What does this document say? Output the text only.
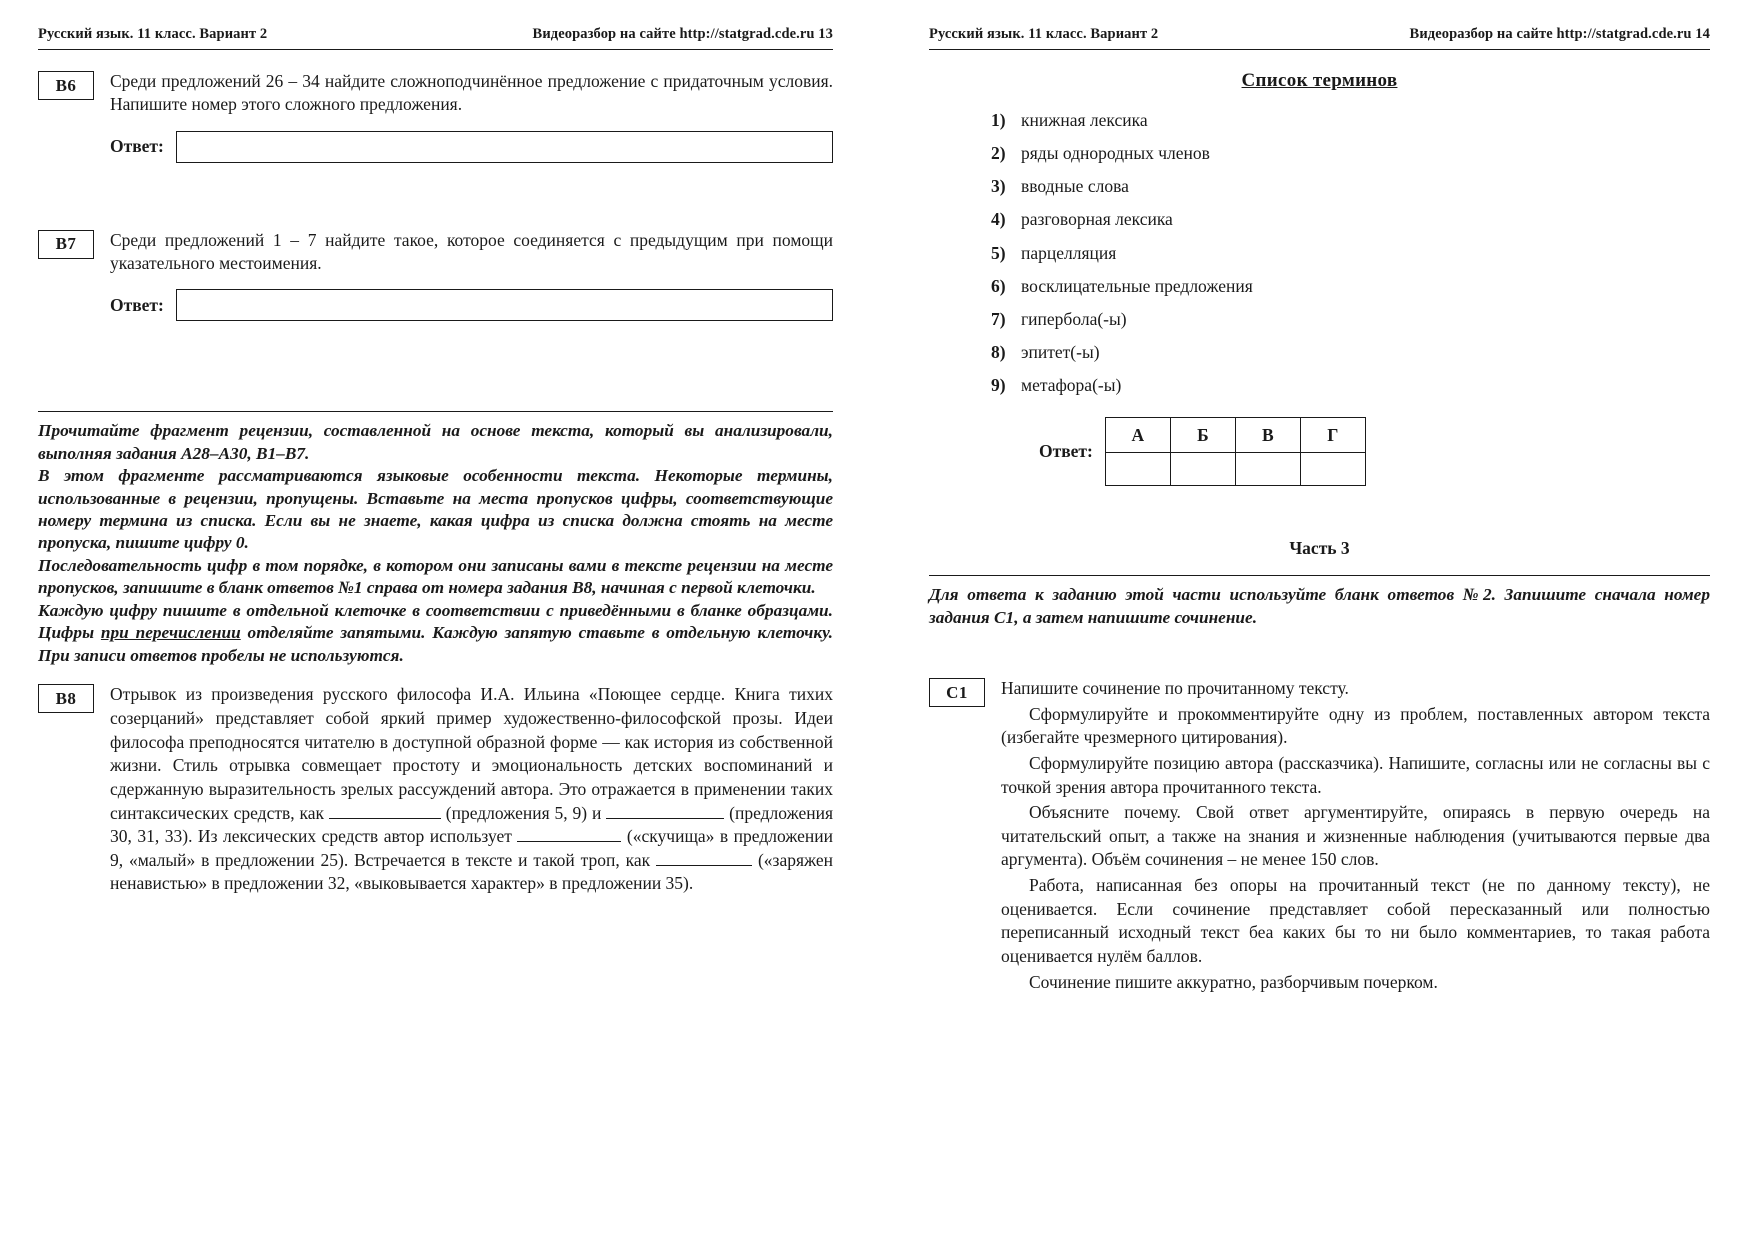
Русский язык. 11 класс. Вариант 2	Видеоразбор на сайте http://statgrad.cde.ru 13
B6	Среди предложений 26 – 34 найдите сложноподчинённое предложение с придаточным условия. Напишите номер этого сложного предложения.
Ответ:
B7	Среди предложений 1 – 7 найдите такое, которое соединяется с предыдущим при помощи указательного местоимения.
Ответ:

Прочитайте фрагмент рецензии, составленной на основе текста, который вы анализировали, выполняя задания А28–А30, В1–В7.

В этом фрагменте рассматриваются языковые особенности текста. Некоторые термины, использованные в рецензии, пропущены. Вставьте на места пропусков цифры, соответствующие номеру термина из списка. Если вы не знаете, какая цифра из списка должна стоять на месте пропуска, пишите цифру 0.

Последовательность цифр в том порядке, в котором они записаны вами в тексте рецензии на месте пропусков, запишите в бланк ответов №1 справа от номера задания В8, начиная с первой клеточки.

Каждую цифру пишите в отдельной клеточке в соответствии с приведёнными в бланке образцами. Цифры при перечислении отделяйте запятыми. Каждую запятую ставьте в отдельную клеточку. При записи ответов пробелы не используются.

B8	Отрывок из произведения русского философа И.А. Ильина «Поющее сердце. Книга тихих созерцаний» представляет собой яркий пример художественно-философской прозы. Идеи философа преподносятся читателю в доступной образной форме — как история из собственной жизни. Стиль отрывка совмещает простоту и эмоциональность детских воспоминаний и сдержанную выразительность зрелых рассуждений автора. Это отражается в применении таких синтаксических средств, как	(предложения 5, 9) и	(предложения 30, 31, 33). Из лексических средств автор использует	(«скучища» в предложении 9, «малый» в предложении 25). Встречается в тексте и такой троп, как	(«заряжен ненавистью» в предложении 32, «выковывается характер» в предложении 35).
Русский язык. 11 класс. Вариант 2	Видеоразбор на сайте http://statgrad.cde.ru 14
Список терминов
1) книжная лексика
2) ряды однородных членов
3) вводные слова
4) разговорная лексика
5) парцелляция
6) восклицательные предложения
7) гипербола(-ы)
8) эпитет(-ы)
9) метафора(-ы)
Ответ:
А	Б	В	Г

Часть 3
Для ответа к заданию этой части используйте бланк ответов №2. Запишите сначала номер задания С1, а затем напишите сочинение.
C1	Напишите сочинение по прочитанному тексту.

Сформулируйте и прокомментируйте одну из проблем, поставленных автором текста (избегайте чрезмерного цитирования).

Сформулируйте позицию автора (рассказчика). Напишите, согласны или не согласны вы с точкой зрения автора прочитанного текста.

Объясните почему. Свой ответ аргументируйте, опираясь в первую очередь на читательский опыт, а также на знания и жизненные наблюдения (учитываются первые два аргумента). Объём сочинения – не менее 150 слов.

Работа, написанная без опоры на прочитанный текст (не по данному тексту), не оценивается. Если сочинение представляет собой пересказанный или полностью переписанный исходный текст беа каких бы то ни было комментариев, то такая работа оценивается нулём баллов.

Сочинение пишите аккуратно, разборчивым почерком.
